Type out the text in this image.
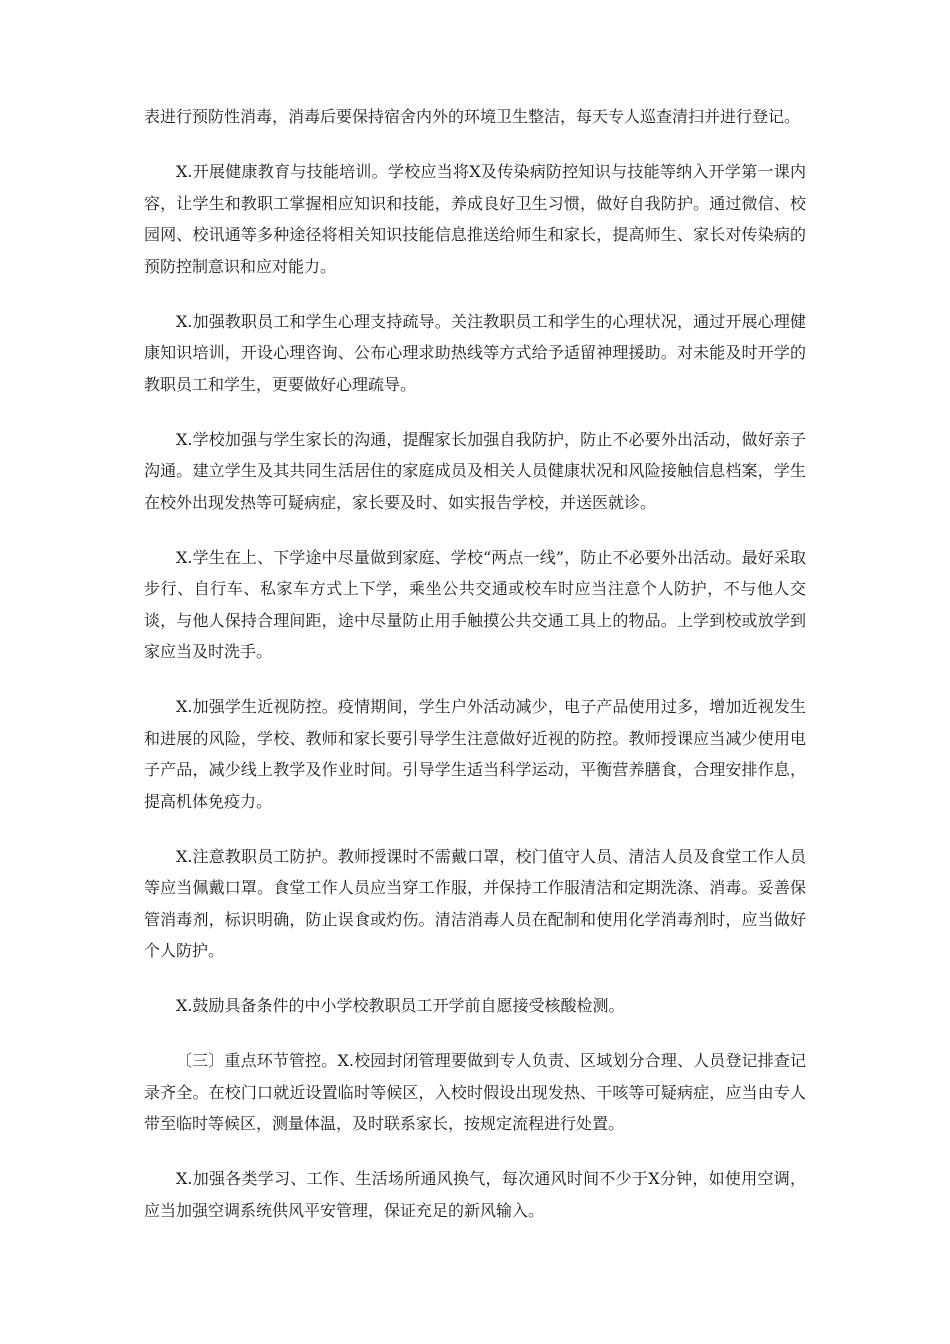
表进行预防性消毒，消毒后要保持宿舍内外的环境卫生整洁，每天专人巡查清扫并进行登记。

X.开展健康教育与技能培训。学校应当将X及传染病防控知识与技能等纳入开学第一课内容，让学生和教职工掌握相应知识和技能，养成良好卫生习惯，做好自我防护。通过微信、校园网、校讯通等多种途径将相关知识技能信息推送给师生和家长，提高师生、家长对传染病的预防控制意识和应对能力。

X.加强教职员工和学生心理支持疏导。关注教职员工和学生的心理状况，通过开展心理健康知识培训，开设心理咨询、公布心理求助热线等方式给予适留神理援助。对未能及时开学的教职员工和学生，更要做好心理疏导。

X.学校加强与学生家长的沟通，提醒家长加强自我防护，防止不必要外出活动，做好亲子沟通。建立学生及其共同生活居住的家庭成员及相关人员健康状况和风险接触信息档案，学生在校外出现发热等可疑病症，家长要及时、如实报告学校，并送医就诊。

X.学生在上、下学途中尽量做到家庭、学校“两点一线”，防止不必要外出活动。最好采取步行、自行车、私家车方式上下学，乘坐公共交通或校车时应当注意个人防护，不与他人交谈，与他人保持合理间距，途中尽量防止用手触摸公共交通工具上的物品。上学到校或放学到家应当及时洗手。

X.加强学生近视防控。疫情期间，学生户外活动减少，电子产品使用过多，增加近视发生和进展的风险，学校、教师和家长要引导学生注意做好近视的防控。教师授课应当减少使用电子产品，减少线上教学及作业时间。引导学生适当科学运动，平衡营养膳食，合理安排作息，提高机体免疫力。

X.注意教职员工防护。教师授课时不需戴口罩，校门值守人员、清洁人员及食堂工作人员等应当佩戴口罩。食堂工作人员应当穿工作服，并保持工作服清洁和定期洗涤、消毒。妥善保管消毒剂，标识明确，防止误食或灼伤。清洁消毒人员在配制和使用化学消毒剂时，应当做好个人防护。

X.鼓励具备条件的中小学校教职员工开学前自愿接受核酸检测。

〔三〕重点环节管控。X.校园封闭管理要做到专人负责、区域划分合理、人员登记排查记录齐全。在校门口就近设置临时等候区，入校时假设出现发热、干咳等可疑病症，应当由专人带至临时等候区，测量体温，及时联系家长，按规定流程进行处置。

X.加强各类学习、工作、生活场所通风换气，每次通风时间不少于X分钟，如使用空调，应当加强空调系统供风平安管理，保证充足的新风输入。
